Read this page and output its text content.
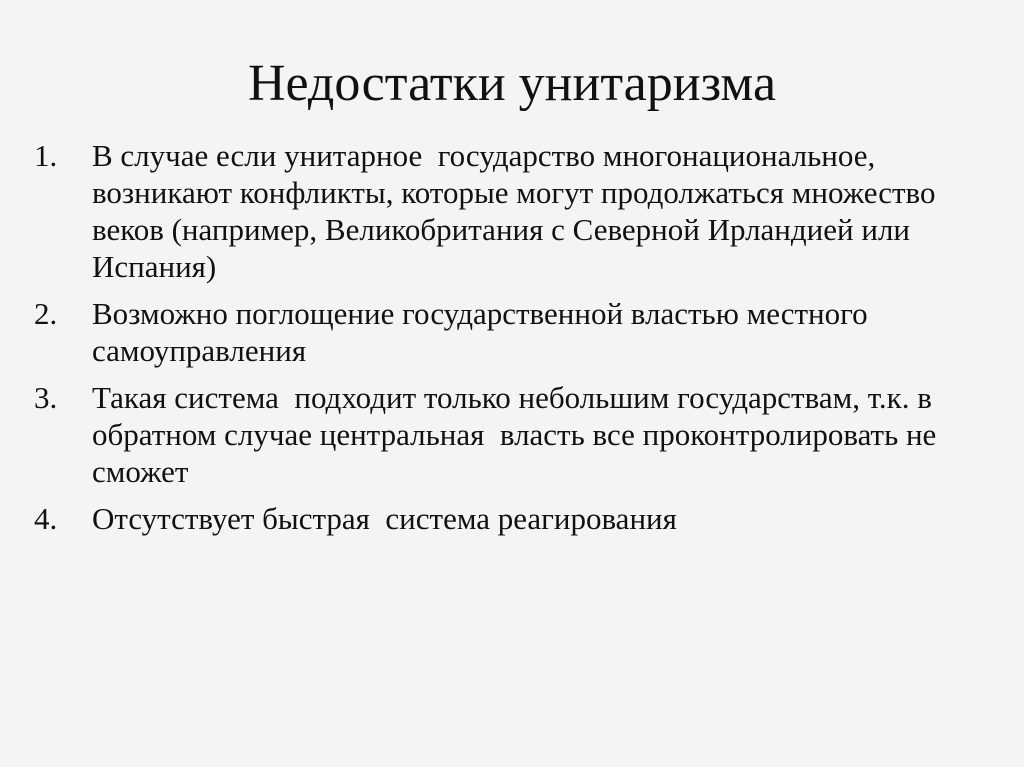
Недостатки унитаризма
1.	В случае если унитарное  государство многонациональное, возникают конфликты, которые могут продолжаться множество веков (например, Великобритания с Северной Ирландией или Испания)
2.	Возможно поглощение государственной властью местного самоуправления
3.	Такая система  подходит только небольшим государствам, т.к. в обратном случае центральная  власть все проконтролировать не сможет
4.	Отсутствует быстрая  система реагирования
